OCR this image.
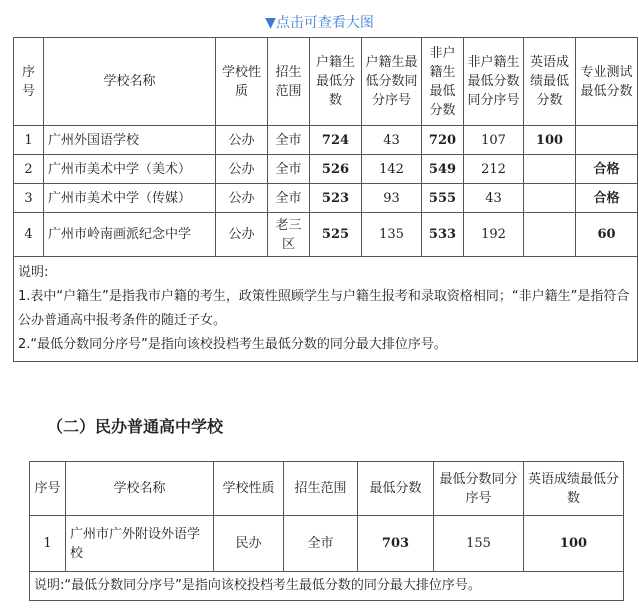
▼点击可查看大图
序号	学校名称	学校性质	招生范围	户籍生最低分数	户籍生最低分数同分序号	非户籍生最低分数	非户籍生最低分数同分序号	英语成绩最低分数	专业测试最低分数
1	广州外国语学校	公办	全市	724	43	720	107	100	
2	广州市美术中学（美术）	公办	全市	526	142	549	212		合格
3	广州市美术中学（传媒）	公办	全市	523	93	555	43		合格
4	广州市岭南画派纪念中学	公办	老三区	525	135	533	192		60

说明:
1.表中“户籍生”是指我市户籍的考生，政策性照顾学生与户籍生报考和录取资格相同；“非户籍生”是指符合公办普通高中报考条件的随迁子女。
2.“最低分数同分序号”是指向该校投档考生最低分数的同分最大排位序号。									
（二）民办普通高中学校
序号	学校名称	学校性质	招生范围	最低分数	最低分数同分序号	英语成绩最低分数
1	广州市广外附设外语学校	民办	全市	703	155	100
说明:“最低分数同分序号”是指向该校投档考生最低分数的同分最大排位序号。						
